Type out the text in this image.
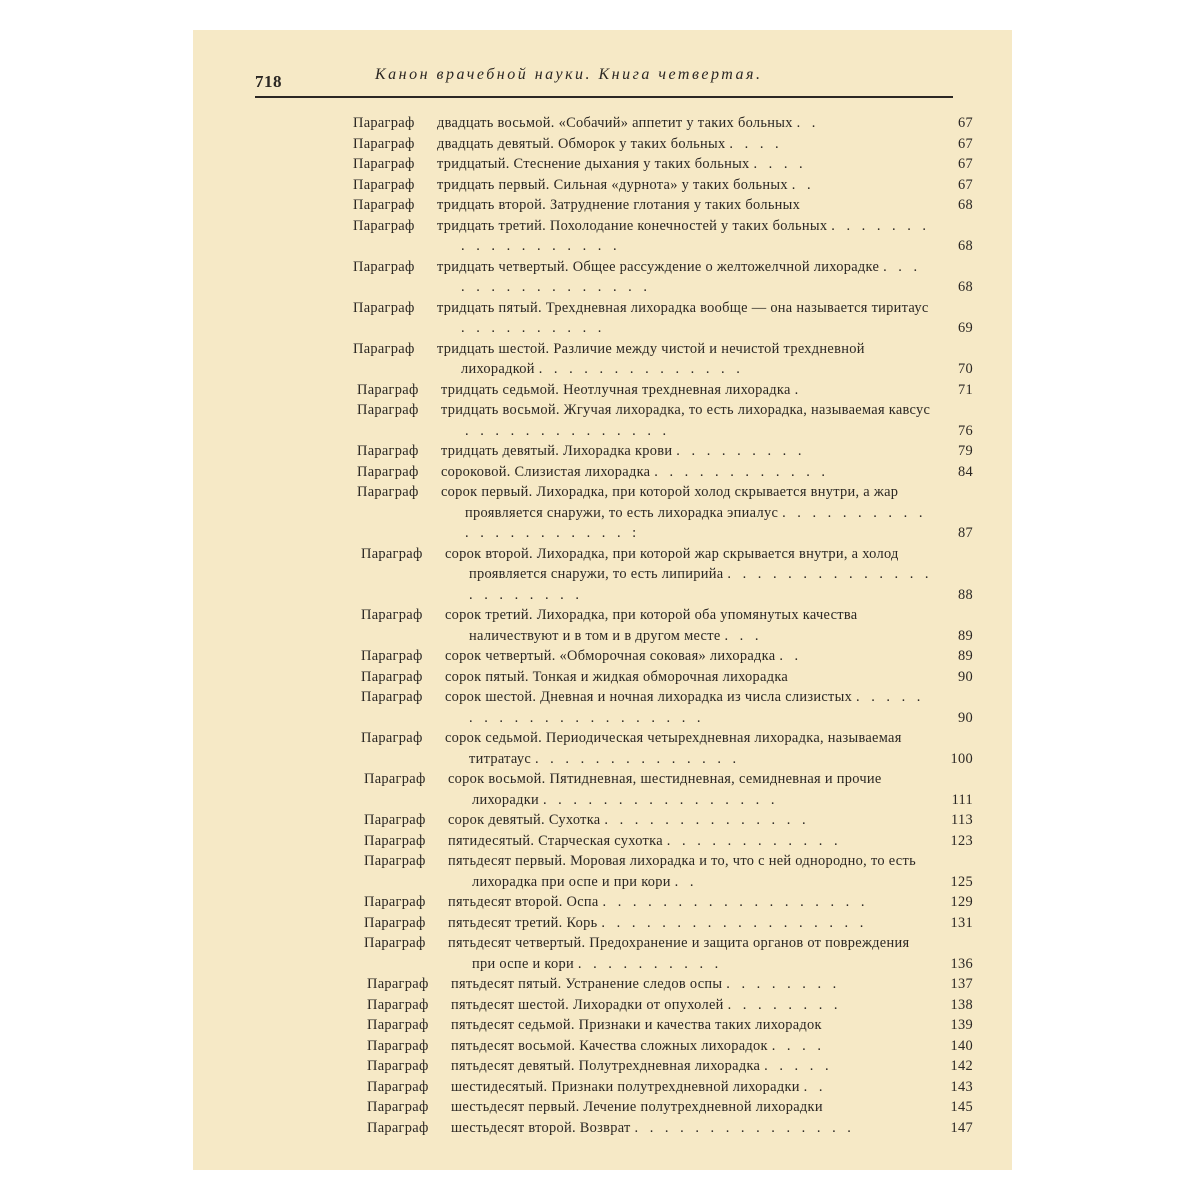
718	Канон врачебной науки. Книга четвертая.
Параграф	двадцать восьмой. «Собачий» аппетит у таких больных . .	67
Параграф	двадцать девятый. Обморок у таких больных . . . .	67
Параграф	тридцатый. Стеснение дыхания у таких больных . . . .	67
Параграф	тридцать первый. Сильная «дурнота» у таких больных . .	67
Параграф	тридцать второй. Затруднение глотания у таких больных	68
Параграф	тридцать третий. Похолодание конечностей у таких больных . . . . . . . . . . . . . . . . . .	68
Параграф	тридцать четвертый. Общее рассуждение о желтожелчной лихорадке . . . . . . . . . . . . . . . .	68
Параграф	тридцать пятый. Трехдневная лихорадка вообще — она называется тиритаус . . . . . . . . . .	69
Параграф	тридцать шестой. Различие между чистой и нечистой трехдневной лихорадкой . . . . . . . . . . . . . .	70
Параграф	тридцать седьмой. Неотлучная трехдневная лихорадка .	71
Параграф	тридцать восьмой. Жгучая лихорадка, то есть лихорадка, называемая кавсус . . . . . . . . . . . . . .	76
Параграф	тридцать девятый. Лихорадка крови . . . . . . . . .	79
Параграф	сороковой. Слизистая лихорадка . . . . . . . . . . . .	84
Параграф	сорок первый. Лихорадка, при которой холод скрывается внутри, а жар проявляется снаружи, то есть лихорадка эпиалус . . . . . . . . . . . . . . . . . . . . . :	87
Параграф	сорок второй. Лихорадка, при которой жар скрывается внутри, а холод проявляется снаружи, то есть липирийа . . . . . . . . . . . . . . . . . . . . . .	88
Параграф	сорок третий. Лихорадка, при которой оба упомянутых качества наличествуют и в том и в другом месте . . .	89
Параграф	сорок четвертый. «Обморочная соковая» лихорадка . .	89
Параграф	сорок пятый. Тонкая и жидкая обморочная лихорадка	90
Параграф	сорок шестой. Дневная и ночная лихорадка из числа слизистых . . . . . . . . . . . . . . . . . . . . .	90
Параграф	сорок седьмой. Периодическая четырехдневная лихорадка, называемая титратаус . . . . . . . . . . . . . .	100
Параграф	сорок восьмой. Пятидневная, шестидневная, семидневная и прочие лихорадки . . . . . . . . . . . . . . . .	111
Параграф	сорок девятый. Сухотка . . . . . . . . . . . . . .	113
Параграф	пятидесятый. Старческая сухотка . . . . . . . . . . . .	123
Параграф	пятьдесят первый. Моровая лихорадка и то, что с ней однородно, то есть лихорадка при оспе и при кори . .	125
Параграф	пятьдесят второй. Оспа . . . . . . . . . . . . . . . . . .	129
Параграф	пятьдесят третий. Корь . . . . . . . . . . . . . . . . . .	131
Параграф	пятьдесят четвертый. Предохранение и защита органов от повреждения при оспе и кори . . . . . . . . . .	136
Параграф	пятьдесят пятый. Устранение следов оспы . . . . . . . .	137
Параграф	пятьдесят шестой. Лихорадки от опухолей . . . . . . . .	138
Параграф	пятьдесят седьмой. Признаки и качества таких лихорадок	139
Параграф	пятьдесят восьмой. Качества сложных лихорадок . . . .	140
Параграф	пятьдесят девятый. Полутрехдневная лихорадка . . . . .	142
Параграф	шестидесятый. Признаки полутрехдневной лихорадки . .	143
Параграф	шестьдесят первый. Лечение полутрехдневной лихорадки	145
Параграф	шестьдесят второй. Возврат . . . . . . . . . . . . . . .	147
